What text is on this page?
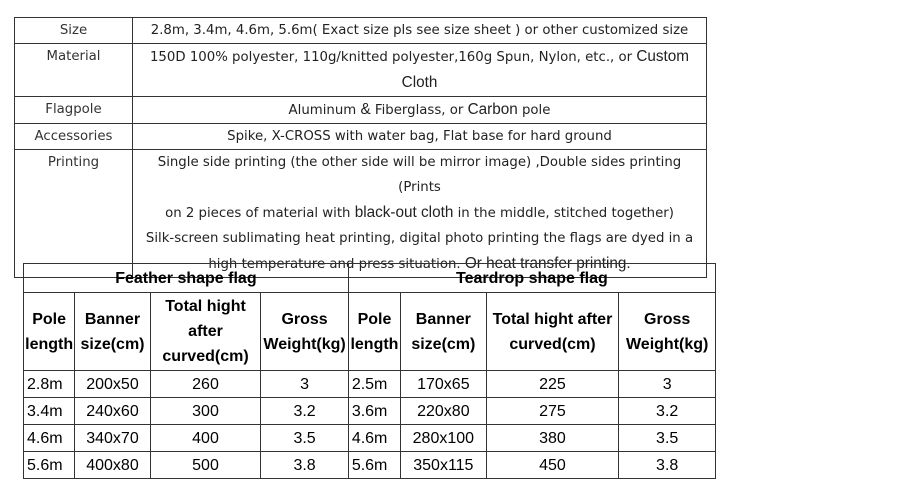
Size	2.8m, 3.4m, 4.6m, 5.6m( Exact size pls see size sheet ) or other customized size
Material	150D 100% polyester, 110g/knitted polyester,160g Spun, Nylon, etc., or Custom Cloth
Flagpole	Aluminum & Fiberglass, or Carbon pole
Accessories	Spike, X-CROSS with water bag, Flat base for hard ground
Printing	Single side printing (the other side will be mirror image) ,Double sides printing (Prints
on 2 pieces of material with black-out cloth in the middle, stitched together)
Silk-screen sublimating heat printing, digital photo printing the flags are dyed in a
high temperature and press situation. Or heat transfer printing.
Feather shape flag				Teardrop shape flag			
Pole length	Banner size(cm)	Total hight after curved(cm)	Gross Weight(kg)	Pole length	Banner size(cm)	Total hight after curved(cm)	Gross Weight(kg)
2.8m	200x50	260	3	2.5m	170x65	225	3
3.4m	240x60	300	3.2	3.6m	220x80	275	3.2
4.6m	340x70	400	3.5	4.6m	280x100	380	3.5
5.6m	400x80	500	3.8	5.6m	350x115	450	3.8
